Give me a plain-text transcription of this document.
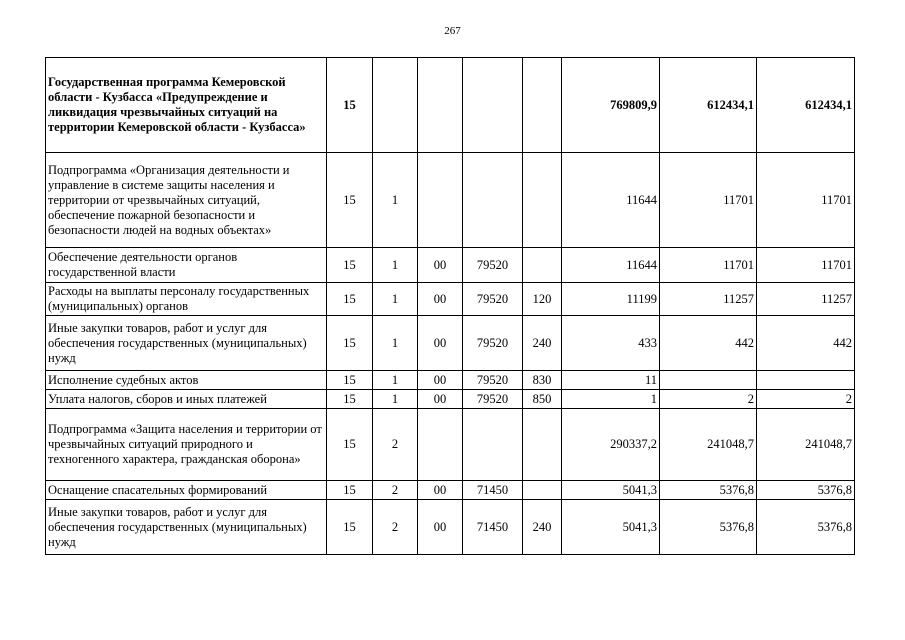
267
Государственная программа Кемеровской области - Кузбасса «Предупреждение и ликвидация чрезвычайных ситуаций на территории Кемеровской области - Кузбасса»	15					769809,9	612434,1	612434,1
Подпрограмма «Организация деятельности и управление в системе защиты населения и территории от чрезвычайных ситуаций, обеспечение пожарной безопасности и безопасности людей на водных объектах»	15	1				11644	11701	11701
Обеспечение деятельности органов государственной власти	15	1	00	79520		11644	11701	11701
Расходы на выплаты персоналу государственных (муниципальных) органов	15	1	00	79520	120	11199	11257	11257
Иные закупки товаров, работ и услуг для обеспечения государственных (муниципальных) нужд	15	1	00	79520	240	433	442	442
Исполнение судебных актов	15	1	00	79520	830	11		
Уплата налогов, сборов и иных платежей	15	1	00	79520	850	1	2	2
Подпрограмма «Защита населения и территории от чрезвычайных ситуаций природного и техногенного характера, гражданская оборона»	15	2				290337,2	241048,7	241048,7
Оснащение спасательных формирований	15	2	00	71450		5041,3	5376,8	5376,8
Иные закупки товаров, работ и услуг для обеспечения государственных (муниципальных) нужд	15	2	00	71450	240	5041,3	5376,8	5376,8
